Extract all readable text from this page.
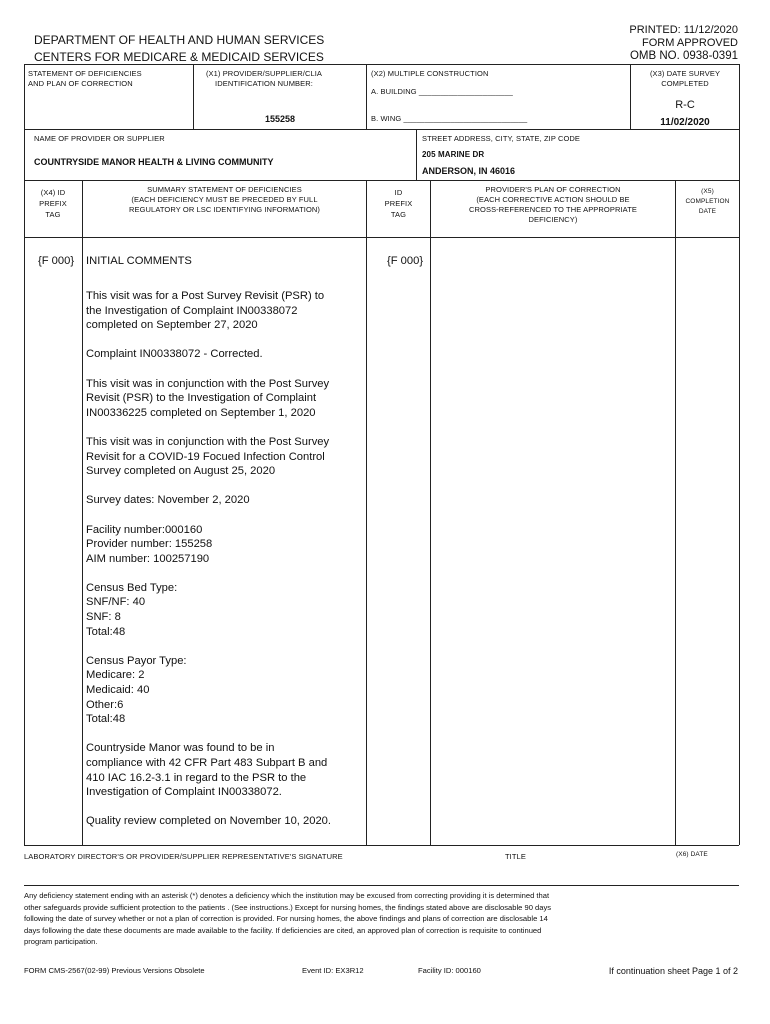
PRINTED: 11/12/2020
FORM APPROVED
OMB NO. 0938-0391
DEPARTMENT OF HEALTH AND HUMAN SERVICES
CENTERS FOR MEDICARE & MEDICAID SERVICES
STATEMENT OF DEFICIENCIES
AND PLAN OF CORRECTION
(X1) PROVIDER/SUPPLIER/CLIA
IDENTIFICATION NUMBER:
155258
(X2) MULTIPLE CONSTRUCTION
A. BUILDING ______________________
B. WING _____________________________
(X3) DATE SURVEY
COMPLETED
R-C
11/02/2020
NAME OF PROVIDER OR SUPPLIER
COUNTRYSIDE MANOR HEALTH & LIVING COMMUNITY
STREET ADDRESS, CITY, STATE, ZIP CODE
205 MARINE DR
ANDERSON, IN 46016
(X4) ID
PREFIX
TAG
SUMMARY STATEMENT OF DEFICIENCIES
(EACH DEFICIENCY MUST BE PRECEDED BY FULL
REGULATORY OR LSC IDENTIFYING INFORMATION)
ID
PREFIX
TAG
PROVIDER'S PLAN OF CORRECTION
(EACH CORRECTIVE ACTION SHOULD BE
CROSS-REFERENCED TO THE APPROPRIATE
DEFICIENCY)
(X5)
COMPLETION
DATE
{F 000} INITIAL COMMENTS	{F 000}

This visit was for a Post Survey Revisit (PSR) to
the Investigation of Complaint IN00338072
completed on September 27, 2020

Complaint IN00338072 - Corrected.

This visit was in conjunction with the Post Survey
Revisit (PSR) to the Investigation of Complaint
IN00336225 completed on September 1, 2020

This visit was in conjunction with the Post Survey
Revisit for a COVID-19 Focued Infection Control
Survey completed on August 25, 2020

Survey dates: November 2, 2020

Facility number:000160
Provider number: 155258
AIM number: 100257190

Census Bed Type:
SNF/NF: 40
SNF: 8
Total:48

Census Payor Type:
Medicare: 2
Medicaid: 40
Other:6
Total:48

Countryside Manor was found to be in
compliance with 42 CFR Part 483 Subpart B and
410 IAC 16.2-3.1 in regard to the PSR to the
Investigation of Complaint IN00338072.

Quality review completed on November 10, 2020.

LABORATORY DIRECTOR'S OR PROVIDER/SUPPLIER REPRESENTATIVE'S SIGNATURE	TITLE	(X6) DATE
Any deficiency statement ending with an asterisk (*) denotes a deficiency which the institution may be excused from correcting providing it is determined that
other safeguards provide sufficient protection to the patients . (See instructions.) Except for nursing homes, the findings stated above are disclosable 90 days
following the date of survey whether or not a plan of correction is provided. For nursing homes, the above findings and plans of correction are disclosable 14
days following the date these documents are made available to the facility. If deficiencies are cited, an approved plan of correction is requisite to continued
program participation.
FORM CMS-2567(02-99) Previous Versions Obsolete	Event ID: EX3R12	Facility ID: 000160	If continuation sheet Page 1 of 2
